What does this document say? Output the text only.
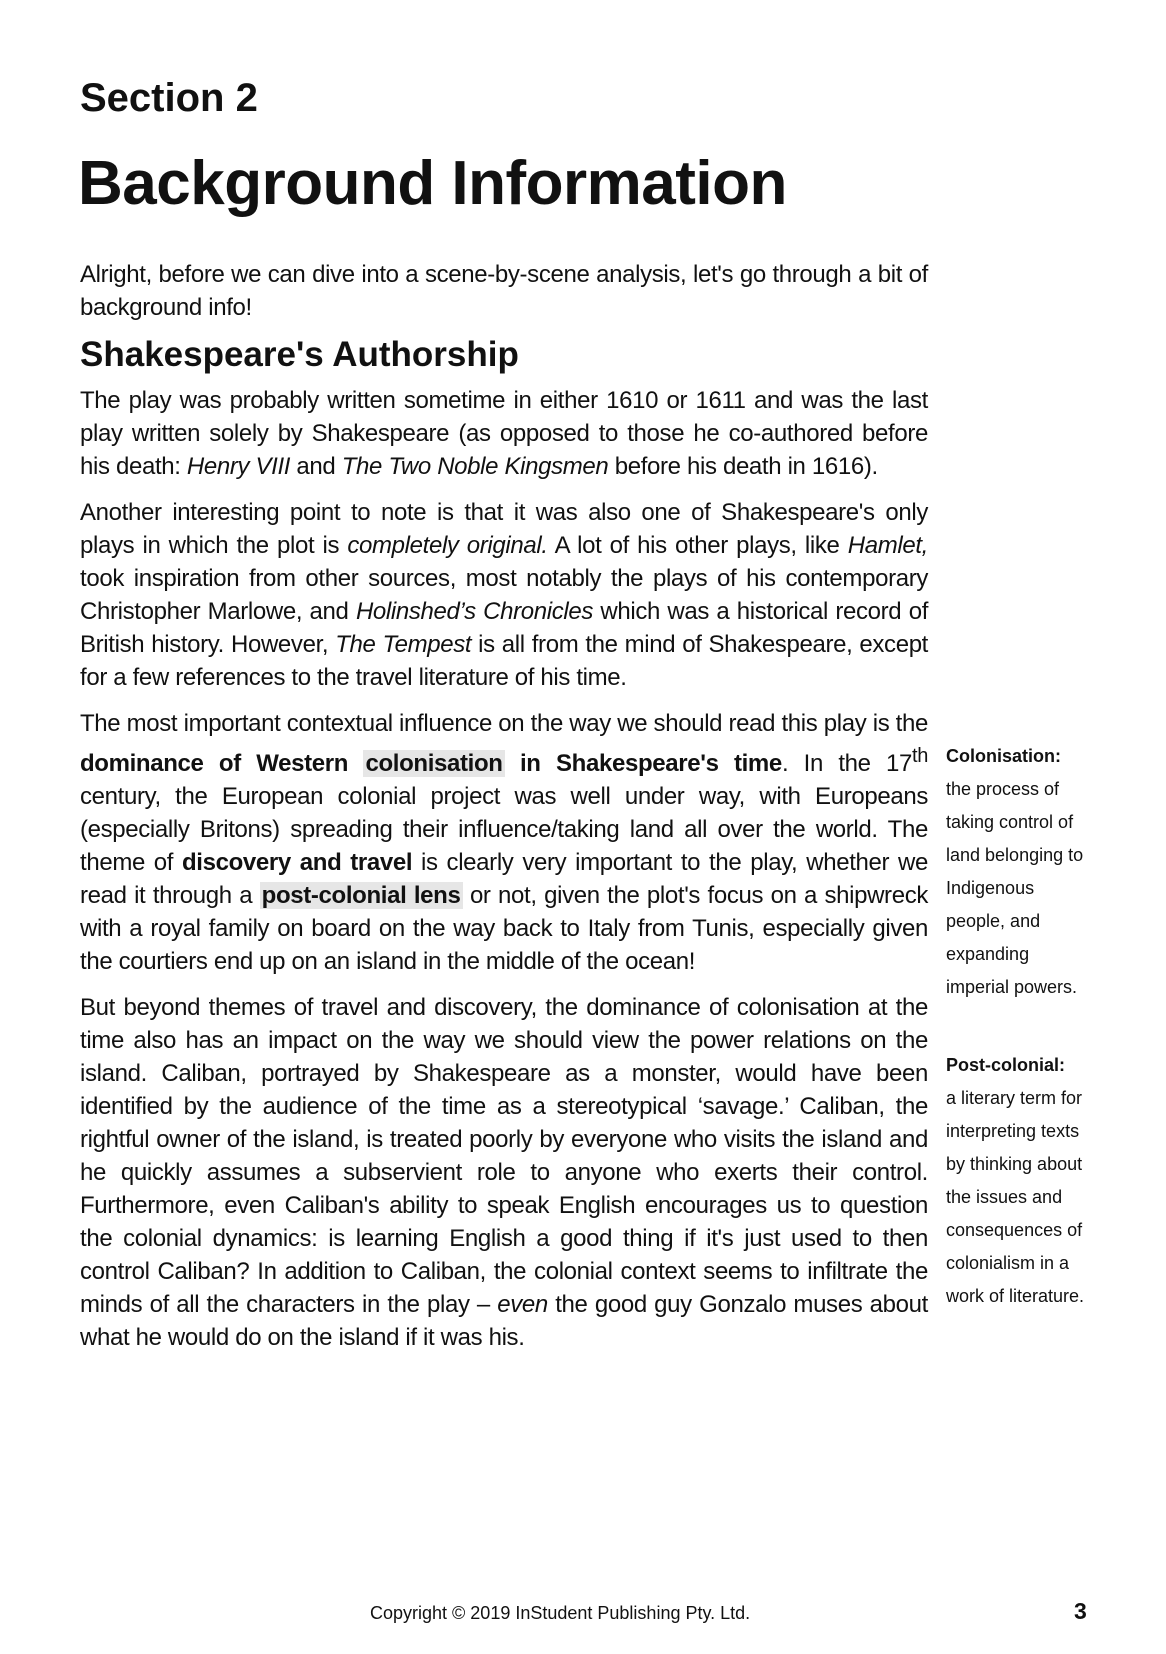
Section 2
Background Information

Alright, before we can dive into a scene-by-scene analysis, let's go through a bit of background info!

Shakespeare's Authorship

The play was probably written sometime in either 1610 or 1611 and was the last play written solely by Shakespeare (as opposed to those he co-authored before his death: Henry VIII and The Two Noble Kingsmen before his death in 1616).

Another interesting point to note is that it was also one of Shakespeare's only plays in which the plot is completely original. A lot of his other plays, like Hamlet, took inspiration from other sources, most notably the plays of his contemporary Christopher Marlowe, and Holinshed’s Chronicles which was a historical record of British history. However, The Tempest is all from the mind of Shakespeare, except for a few references to the travel literature of his time.

The most important contextual influence on the way we should read this play is the dominance of Western colonisation in Shakespeare's time. In the 17th century, the European colonial project was well under way, with Europeans (especially Britons) spreading their influence/taking land all over the world. The theme of discovery and travel is clearly very important to the play, whether we read it through a post-colonial lens or not, given the plot's focus on a shipwreck with a royal family on board on the way back to Italy from Tunis, especially given the courtiers end up on an island in the middle of the ocean!

But beyond themes of travel and discovery, the dominance of colonisation at the time also has an impact on the way we should view the power relations on the island. Caliban, portrayed by Shakespeare as a monster, would have been identified by the audience of the time as a stereotypical ‘savage.’ Caliban, the rightful owner of the island, is treated poorly by everyone who visits the island and he quickly assumes a subservient role to anyone who exerts their control. Furthermore, even Caliban's ability to speak English encourages us to question the colonial dynamics: is learning English a good thing if it's just used to then control Caliban? In addition to Caliban, the colonial context seems to infiltrate the minds of all the characters in the play – even the good guy Gonzalo muses about what he would do on the island if it was his.

Colonisation:
the process of taking control of land belonging to Indigenous people, and expanding imperial powers.
Post-colonial:
a literary term for interpreting texts by thinking about the issues and consequences of colonialism in a work of literature.
Copyright © 2019 InStudent Publishing Pty. Ltd.	3
